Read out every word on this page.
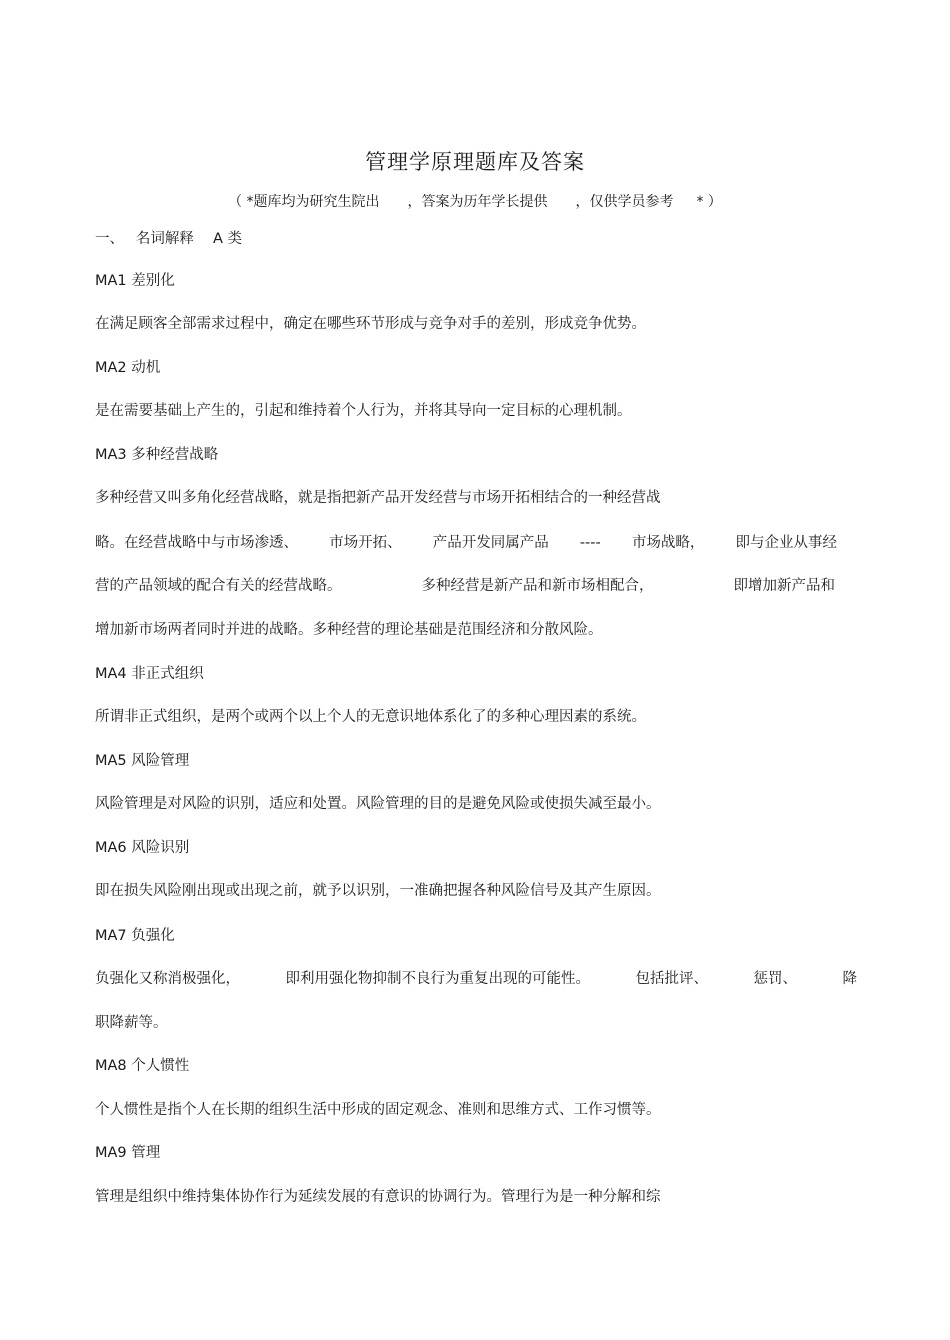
管理学原理题库及答案
（ *题库均为研究生院出　　，答案为历年学长提供　　，仅供学员参考　  * ）
一、　 名词解释　 A 类
MA1 差别化
在满足顾客全部需求过程中，确定在哪些环节形成与竞争对手的差别，形成竞争优势。
MA2 动机
是在需要基础上产生的，引起和维持着个人行为，并将其导向一定目标的心理机制。
MA3 多种经营战略
多种经营又叫多角化经营战略，就是指把新产品开发经营与市场开拓相结合的一种经营战
略。在经营战略中与市场渗透、 市场开拓、 产品开发同属产品 ---- 市场战略， 即与企业从事经
营的产品领域的配合有关的经营战略。	多种经营是新产品和新市场相配合，	即增加新产品和
增加新市场两者同时并进的战略。多种经营的理论基础是范围经济和分散风险。
MA4 非正式组织
所谓非正式组织，是两个或两个以上个人的无意识地体系化了的多种心理因素的系统。
MA5 风险管理
风险管理是对风险的识别，适应和处置。风险管理的目的是避免风险或使损失减至最小。
MA6 风险识别
即在损失风险刚出现或出现之前，就予以识别，一准确把握各种风险信号及其产生原因。
MA7 负强化
负强化又称消极强化，	即利用强化物抑制不良行为重复出现的可能性。	包括批评、	惩罚、	降
职降薪等。
MA8 个人惯性
个人惯性是指个人在长期的组织生活中形成的固定观念、准则和思维方式、工作习惯等。
MA9 管理
管理是组织中维持集体协作行为延续发展的有意识的协调行为。管理行为是一种分解和综
